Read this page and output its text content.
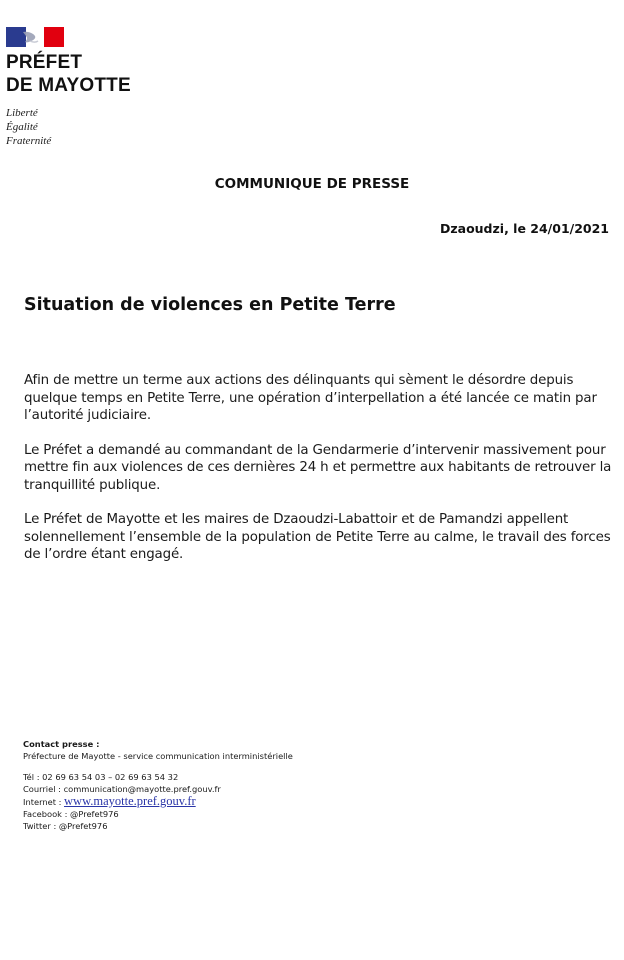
PRÉFET
DE MAYOTTE
Liberté
Égalité
Fraternité
COMMUNIQUE DE PRESSE
Dzaoudzi, le 24/01/2021
Situation de violences en Petite Terre

Afin de mettre un terme aux actions des délinquants qui sèment le désordre depuis quelque temps en Petite Terre, une opération d’interpellation a été lancée ce matin par l’autorité judiciaire.

Le Préfet a demandé au commandant de la Gendarmerie d’intervenir massivement pour mettre fin aux violences de ces dernières 24 h et permettre aux habitants de retrouver la tranquillité publique.

Le Préfet de Mayotte et les maires de Dzaoudzi-Labattoir et de Pamandzi appellent solennellement l’ensemble de la population de Petite Terre au calme, le travail des forces de l’ordre étant engagé.

Contact presse :
Préfecture de Mayotte - service communication interministérielle
Tél : 02 69 63 54 03 – 02 69 63 54 32
Courriel : communication@mayotte.pref.gouv.fr
Internet : www.mayotte.pref.gouv.fr
Facebook : @Prefet976
Twitter : @Prefet976
